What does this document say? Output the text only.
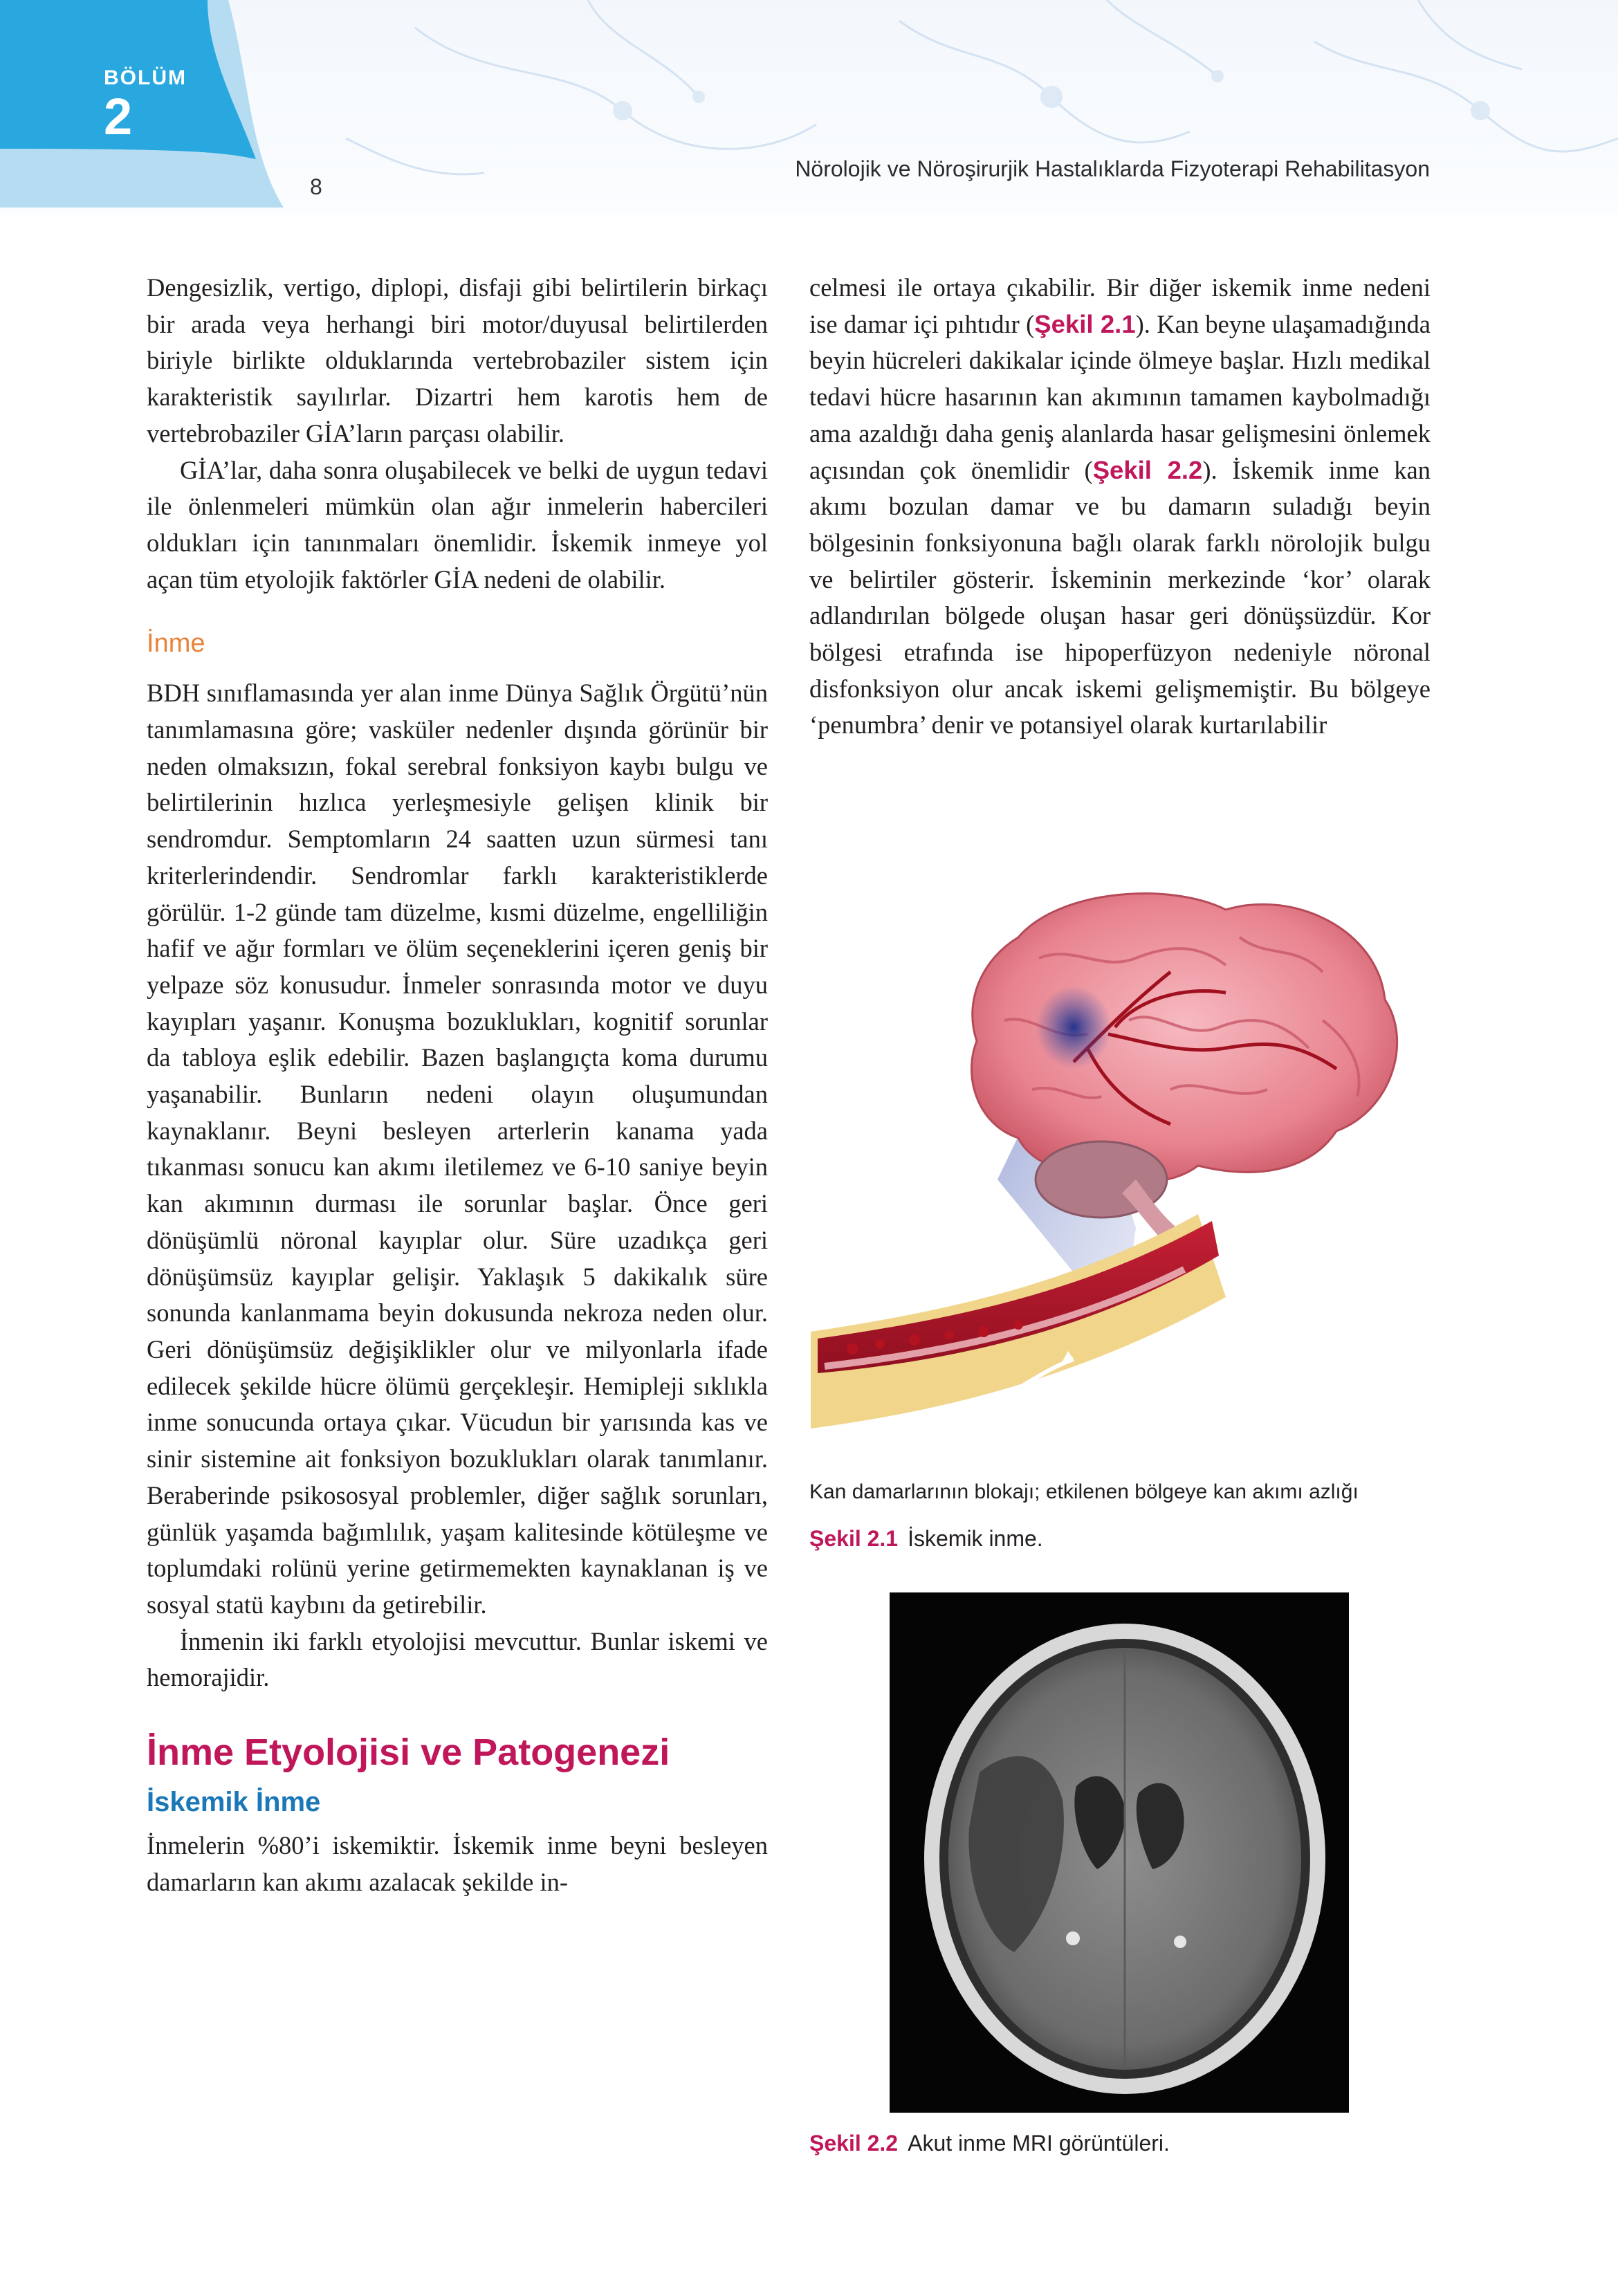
BÖLÜM
2
8
Nörolojik ve Nöroşirurjik Hastalıklarda Fizyoterapi Rehabilitasyon

Dengesizlik, vertigo, diplopi, disfaji gibi belirtilerin birkaçı bir arada veya herhangi biri motor/duyusal belirtilerden biriyle birlikte olduklarında vertebrobaziler sistem için karakteristik sayılırlar. Dizartri hem karotis hem de vertebrobaziler GİA’ların parçası olabilir.

GİA’lar, daha sonra oluşabilecek ve belki de uygun tedavi ile önlenmeleri mümkün olan ağır inmelerin habercileri oldukları için tanınmaları önemlidir. İskemik inmeye yol açan tüm etyolojik faktörler GİA nedeni de olabilir.

İnme

BDH sınıflamasında yer alan inme Dünya Sağlık Örgütü’nün tanımlamasına göre; vasküler nedenler dışında görünür bir neden olmaksızın, fokal serebral fonksiyon kaybı bulgu ve belirtilerinin hızlıca yerleşmesiyle gelişen klinik bir sendromdur. Semptomların 24 saatten uzun sürmesi tanı kriterlerindendir. Sendromlar farklı karakteristiklerde görülür. 1-2 günde tam düzelme, kısmi düzelme, engelliliğin hafif ve ağır formları ve ölüm seçeneklerini içeren geniş bir yelpaze söz konusudur. İnmeler sonrasında motor ve duyu kayıpları yaşanır. Konuşma bozuklukları, kognitif sorunlar da tabloya eşlik edebilir. Bazen başlangıçta koma durumu yaşanabilir. Bunların nedeni olayın oluşumundan kaynaklanır. Beyni besleyen arterlerin kanama yada tıkanması sonucu kan akımı iletilemez ve 6-10 saniye beyin kan akımının durması ile sorunlar başlar. Önce geri dönüşümlü nöronal kayıplar olur. Süre uzadıkça geri dönüşümsüz kayıplar gelişir. Yaklaşık 5 dakikalık süre sonunda kanlanmama beyin dokusunda nekroza neden olur. Geri dönüşümsüz değişiklikler olur ve milyonlarla ifade edilecek şekilde hücre ölümü gerçekleşir. Hemipleji sıklıkla inme sonucunda ortaya çıkar. Vücudun bir yarısında kas ve sinir sistemine ait fonksiyon bozuklukları olarak tanımlanır. Beraberinde psikososyal problemler, diğer sağlık sorunları, günlük yaşamda bağımlılık, yaşam kalitesinde kötüleşme ve toplumdaki rolünü yerine getirmemekten kaynaklanan iş ve sosyal statü kaybını da getirebilir.

İnmenin iki farklı etyolojisi mevcuttur. Bunlar iskemi ve hemorajidir.

İnme Etyolojisi ve Patogenezi
İskemik İnme

İnmelerin %80’i iskemiktir. İskemik inme beyni besleyen damarların kan akımı azalacak şekilde in-

celmesi ile ortaya çıkabilir. Bir diğer iskemik inme nedeni ise damar içi pıhtıdır (Şekil 2.1). Kan beyne ulaşamadığında beyin hücreleri dakikalar içinde ölmeye başlar. Hızlı medikal tedavi hücre hasarının kan akımının tamamen kaybolmadığı ama azaldığı daha geniş alanlarda hasar gelişmesini önlemek açısından çok önemlidir (Şekil 2.2). İskemik inme kan akımı bozulan damar ve bu damarın suladığı beyin bölgesinin fonksiyonuna bağlı olarak farklı nörolojik bulgu ve belirtiler gösterir. İskeminin merkezinde ‘kor’ olarak adlandırılan bölgede oluşan hasar geri dönüşsüzdür. Kor bölgesi etrafında ise hipoperfüzyon nedeniyle nöronal disfonksiyon olur ancak iskemi gelişmemiştir. Bu bölgeye ‘penumbra’ denir ve potansiyel olarak kurtarılabilir

Kan damarlarının blokajı; etkilenen bölgeye kan akımı azlığı
Şekil 2.1 İskemik inme.
Şekil 2.2 Akut inme MRI görüntüleri.
